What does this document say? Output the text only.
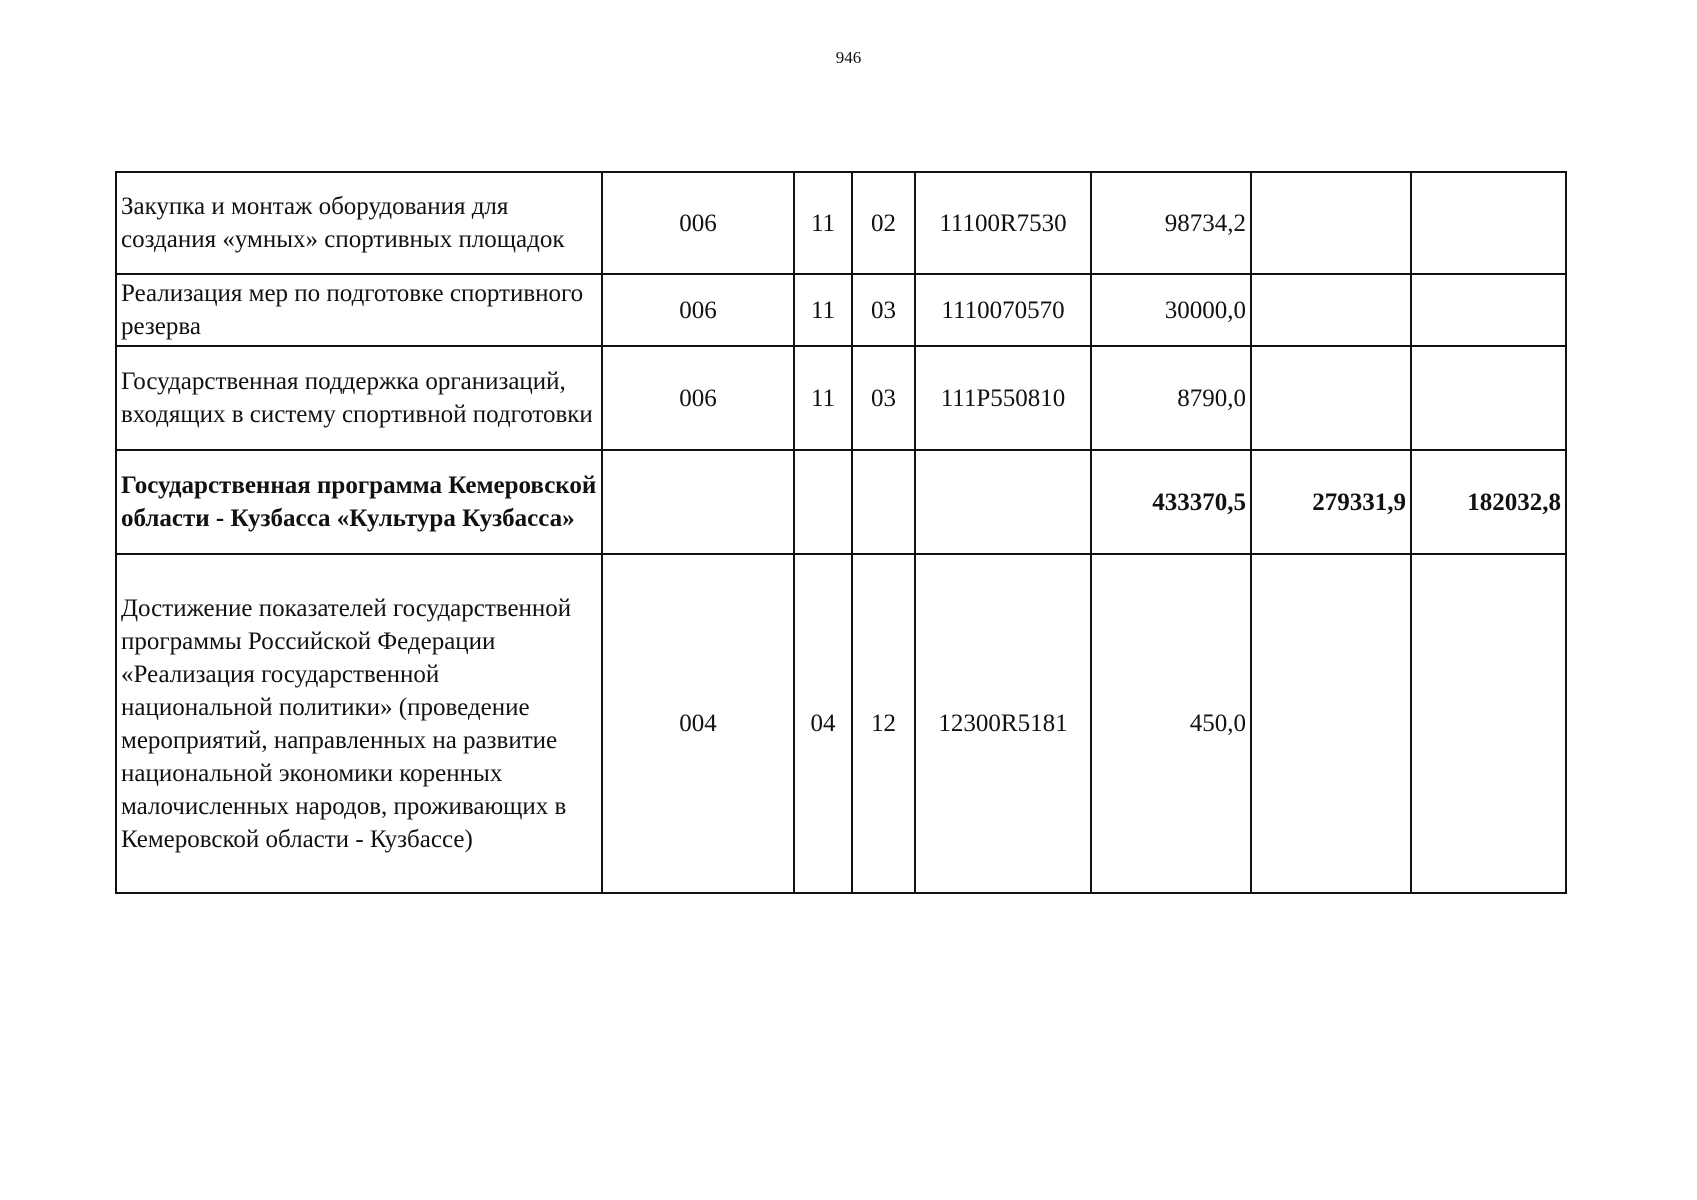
946
Закупка и монтаж оборудования для создания «умных» спортивных площадок	006	11	02	11100R7530	98734,2		
Реализация мер по подготовке спортивного резерва	006	11	03	1110070570	30000,0		
Государственная поддержка организаций, входящих в систему спортивной подготовки	006	11	03	111P550810	8790,0		
Государственная программа Кемеровской области - Кузбасса «Культура Кузбасса»					433370,5	279331,9	182032,8
Достижение показателей государственной программы Российской Федерации «Реализация государственной национальной политики» (проведение мероприятий, направленных на развитие национальной экономики коренных малочисленных народов, проживающих в Кемеровской области - Кузбассе)	004	04	12	12300R5181	450,0		
